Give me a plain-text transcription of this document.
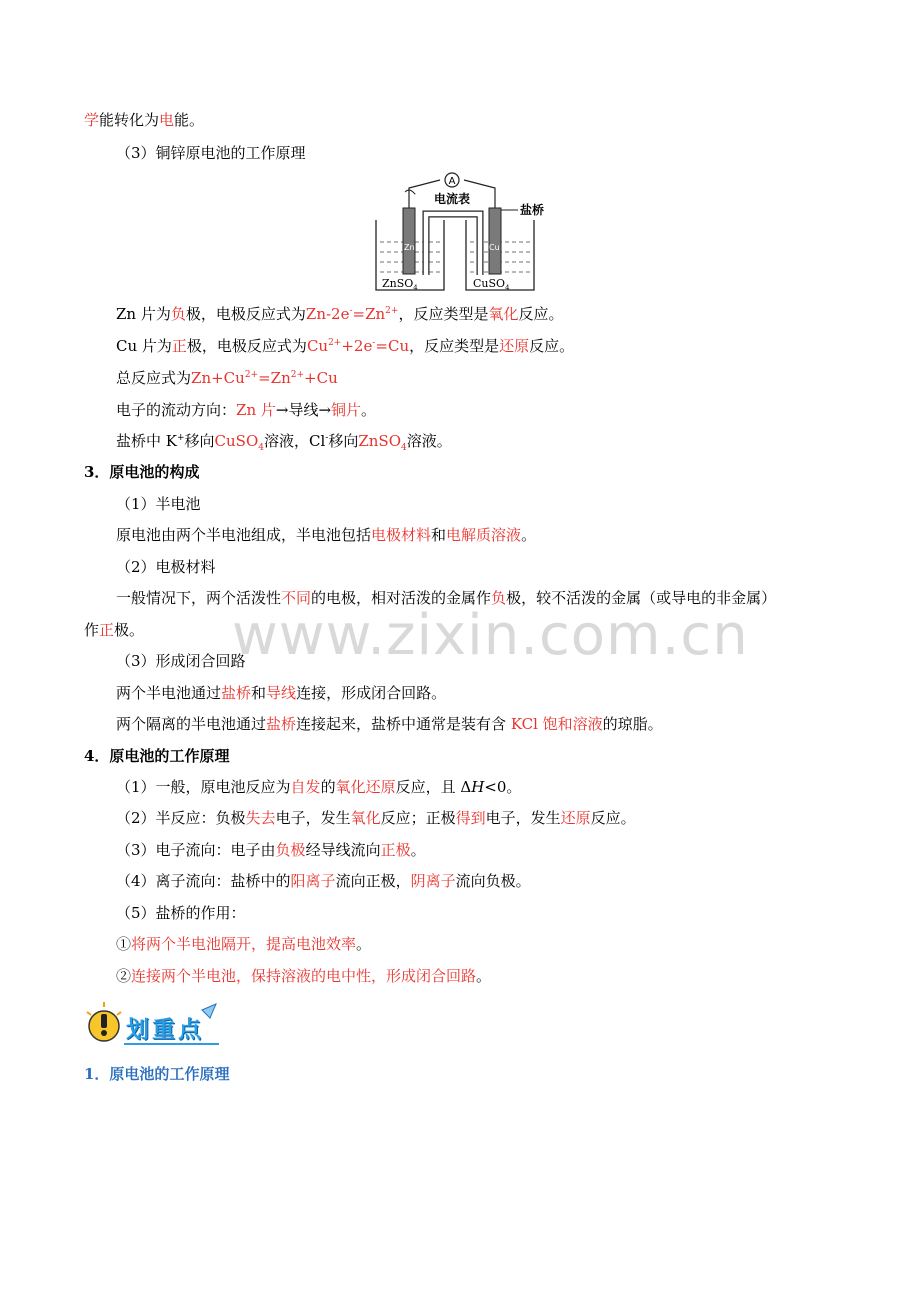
学能转化为电能。
（3）铜锌原电池的工作原理
A
电流表
盐桥
Zn	Cu
ZnSO$_4$	CuSO$_4$
Zn 片为负极，电极反应式为$Zn-2e^-=Zn^{2+}$，反应类型是氧化反应。
Cu 片为正极，电极反应式为$Cu^{2+}+2e^-=Cu$，反应类型是还原反应。
总反应式为$Zn+Cu^{2+}=Zn^{2+}+Cu$
电子的流动方向：Zn 片→导线→铜片。
盐桥中 K+移向CuSO$_4$溶液，Cl-移向ZnSO$_4$溶液。
3．原电池的构成
（1）半电池
原电池由两个半电池组成，半电池包括电极材料和电解质溶液。
（2）电极材料
一般情况下，两个活泼性不同的电极，相对活泼的金属作负极，较不活泼的金属（或导电的非金属）
作正极。 www.zixin.com.cn
（3）形成闭合回路
两个半电池通过盐桥和导线连接，形成闭合回路。
两个隔离的半电池通过盐桥连接起来，盐桥中通常是装有含 KCl 饱和溶液的琼脂。
4．原电池的工作原理
（1）一般，原电池反应为自发的氧化还原反应，且 ΔH<0。
（2）半反应：负极失去电子，发生氧化反应；正极得到电子，发生还原反应。
（3）电子流向：电子由负极经导线流向正极。
（4）离子流向：盐桥中的阳离子流向正极，阴离子流向负极。
（5）盐桥的作用：
①将两个半电池隔开，提高电池效率。
②连接两个半电池，保持溶液的电中性，形成闭合回路。
划重点
1．原电池的工作原理
